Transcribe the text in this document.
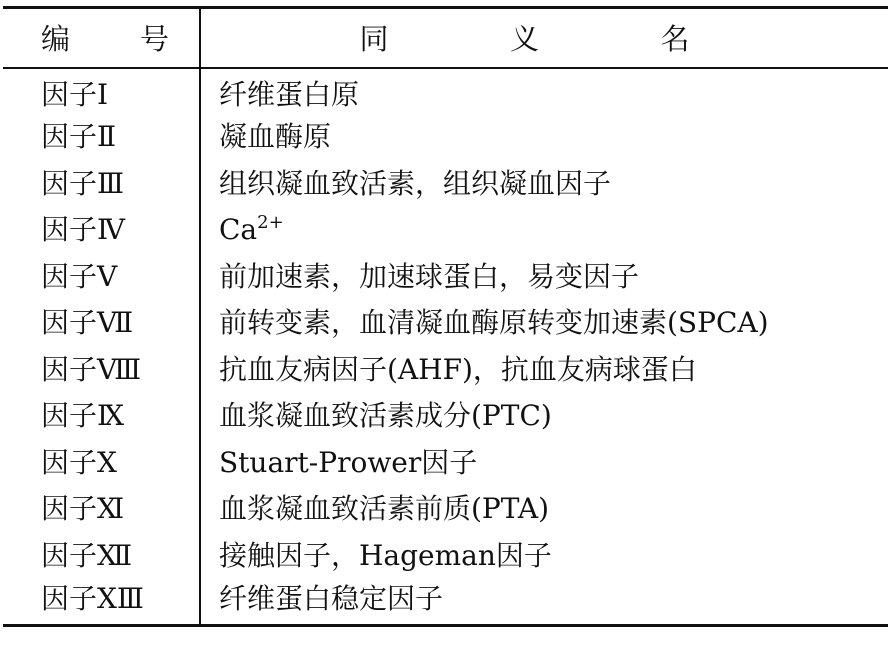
编 号	同 义 名

因子Ⅰ	纤维蛋白原
因子Ⅱ	凝血酶原
因子Ⅲ	组织凝血致活素，组织凝血因子
因子Ⅳ	$Ca^{2+}$
因子Ⅴ	前加速素，加速球蛋白，易变因子
因子Ⅶ	前转变素，血清凝血酶原转变加速素(SPCA)
因子Ⅷ	抗血友病因子(AHF)，抗血友病球蛋白
因子Ⅸ	血浆凝血致活素成分(PTC)
因子Ⅹ	Stuart-Prower因子
因子Ⅺ	血浆凝血致活素前质(PTA)
因子Ⅻ	接触因子，Hageman因子
因子XⅢ	纤维蛋白稳定因子
